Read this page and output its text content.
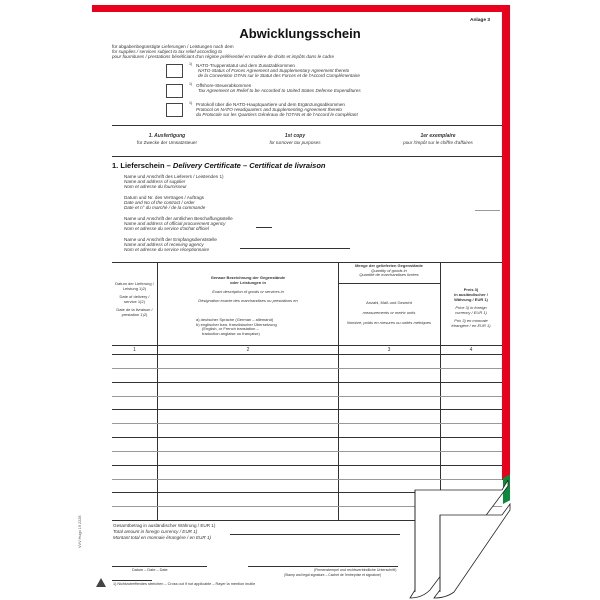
Anlage 3
Abwicklungsschein
für abgabenbegünstigte Lieferungen / Leistungen nach dem
for supplies / services subject to tax relief according to
pour fournitures / prestations bénéficiant d'un régime préférentiel en matière de droits et impôts dans le cadre
1) NATO-Truppenstatut und dem Zusatzabkommen
NATO-Status of Forces Agreement and Supplementary Agreement thereto
de la Convention OTAN sur le Statut des Forces et de l'Accord Complémentaire
1) Offshore-Steuerabkommen
Tax Agreement on Relief to be Accorded to United States Defense Expenditures
1) Protokoll über die NATO-Hauptquartiere und dem Ergänzungsabkommen
Protocol on NATO Headquarters and Supplementing Agreement thereto
du Protocole sur les Quartiers Généraux de l'OTAN et de l'Accord le complétant
1. Ausfertigung
für Zwecke der Umsatzsteuer
1st copy
for turnover tax purposes
1er exemplaire
pour l'impôt sur le chiffre d'affaires
1. Lieferschein – Delivery Certificate – Certificat de livraison
Name und Anschrift des Lieferers / Leistenden 1)
Name and address of supplier
Nom et adresse du fournisseur
Datum und Nr. des Vertrages / Auftrags
Date and No of the contract / order
Date et n° du marché / de la commande
Name und Anschrift der amtlichen Beschaffungsstelle
Name and address of official procurement agency
Nom et adresse du service d'achat officiel
Name und Anschrift der Empfangsdienststelle
Name and address of receiving agency
Nom et adresse du service réceptionnaire
Datum der Lieferung /
Leistung 1)2)
Date of delivery /
service 1)2)
Date de la livraison /
prestation 1)2)
Genaue Bezeichnung der Gegenstände
oder Leistungen in
Exact description of goods or services in
Désignation exacte des marchandises ou prestations en
a) deutscher Sprache (German – allemand)
b) englischer bzw. französischer Übersetzung
(English, or French translation –
traduction anglaise ou française)
Menge der gelieferten Gegenstände
Quantity of goods in
Quantité de marchandises livrées
Anzahl, Maß und Gewicht
measurements or metric units
Nombre, poids en mesures ou unités métriques
Preis 3)
in ausländischer /
Währung / EUR 1)
Price 3) in foreign
currency / EUR 1)
Prix 3) en monnaie
étrangère / en EUR 1)
1	2	3	4
Gesamtbetrag in ausländischer Währung / EUR 1)
Total amount in foreign currency / EUR 1)
Montant total en monnaie étrangère / en EUR 1)
Datum – Date – Date	(Firmenstempel und rechtsverbindliche Unterschrift)
(Stamp and legal signature – Cachet de l'entreprise et signature)
1) Nichtzutreffendes streichen – Cross out if not applicable – Rayer la mention inutile
VVV Hugo 19 2228
